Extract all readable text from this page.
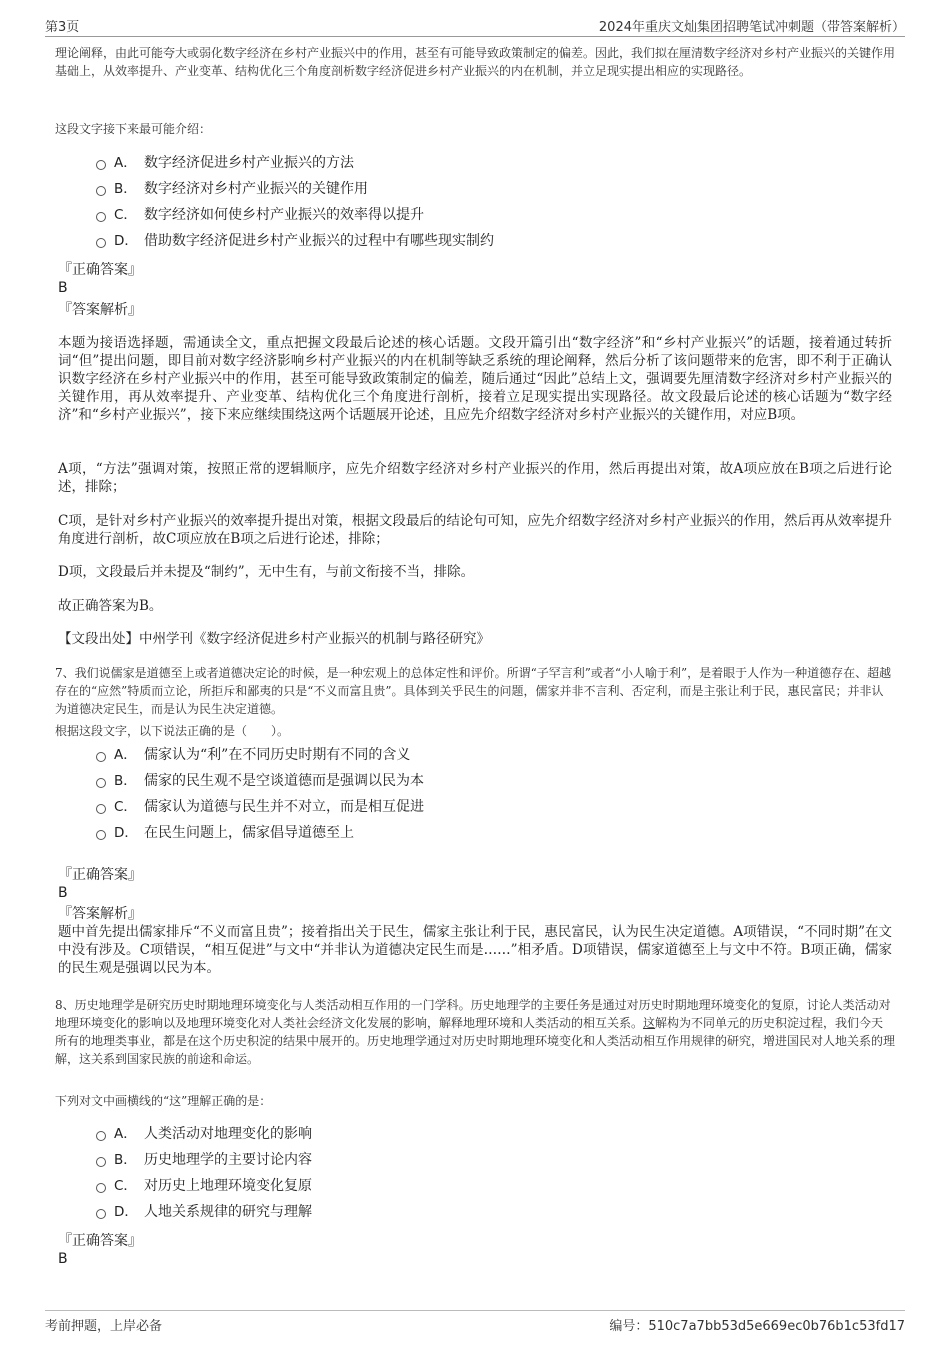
第3页	2024年重庆文灿集团招聘笔试冲刺题（带答案解析）
理论阐释，由此可能夸大或弱化数字经济在乡村产业振兴中的作用，甚至有可能导致政策制定的偏差。因此，我们拟在厘清数字经济对乡村产业振兴的关键作用基础上，从效率提升、产业变革、结构优化三个角度剖析数字经济促进乡村产业振兴的内在机制，并立足现实提出相应的实现路径。
这段文字接下来最可能介绍：
A． 数字经济促进乡村产业振兴的方法
B． 数字经济对乡村产业振兴的关键作用
C． 数字经济如何使乡村产业振兴的效率得以提升
D． 借助数字经济促进乡村产业振兴的过程中有哪些现实制约
『正确答案』
B
『答案解析』
本题为接语选择题，需通读全文，重点把握文段最后论述的核心话题。文段开篇引出“数字经济”和“乡村产业振兴”的话题，接着通过转折词“但”提出问题，即目前对数字经济影响乡村产业振兴的内在机制等缺乏系统的理论阐释，然后分析了该问题带来的危害，即不利于正确认识数字经济在乡村产业振兴中的作用，甚至可能导致政策制定的偏差，随后通过“因此”总结上文，强调要先厘清数字经济对乡村产业振兴的关键作用，再从效率提升、产业变革、结构优化三个角度进行剖析，接着立足现实提出实现路径。故文段最后论述的核心话题为“数字经济”和“乡村产业振兴”，接下来应继续围绕这两个话题展开论述，且应先介绍数字经济对乡村产业振兴的关键作用，对应B项。
A项，“方法”强调对策，按照正常的逻辑顺序，应先介绍数字经济对乡村产业振兴的作用，然后再提出对策，故A项应放在B项之后进行论述，排除；
C项，是针对乡村产业振兴的效率提升提出对策，根据文段最后的结论句可知，应先介绍数字经济对乡村产业振兴的作用，然后再从效率提升角度进行剖析，故C项应放在B项之后进行论述，排除；
D项，文段最后并未提及“制约”，无中生有，与前文衔接不当，排除。
故正确答案为B。
【文段出处】中州学刊《数字经济促进乡村产业振兴的机制与路径研究》
7、我们说儒家是道德至上或者道德决定论的时候，是一种宏观上的总体定性和评价。所谓“子罕言利”或者“小人喻于利”，是着眼于人作为一种道德存在、超越存在的“应然”特质而立论，所拒斥和鄙夷的只是“不义而富且贵”。具体到关乎民生的问题，儒家并非不言利、否定利，而是主张让利于民，惠民富民；并非认为道德决定民生，而是认为民生决定道德。
根据这段文字，以下说法正确的是（　　）。
A． 儒家认为“利”在不同历史时期有不同的含义
B． 儒家的民生观不是空谈道德而是强调以民为本
C． 儒家认为道德与民生并不对立，而是相互促进
D． 在民生问题上，儒家倡导道德至上
『正确答案』
B
『答案解析』
题中首先提出儒家排斥“不义而富且贵”；接着指出关于民生，儒家主张让利于民，惠民富民，认为民生决定道德。A项错误，“不同时期”在文中没有涉及。C项错误，“相互促进”与文中“并非认为道德决定民生而是……”相矛盾。D项错误，儒家道德至上与文中不符。B项正确，儒家的民生观是强调以民为本。
8、历史地理学是研究历史时期地理环境变化与人类活动相互作用的一门学科。历史地理学的主要任务是通过对历史时期地理环境变化的复原，讨论人类活动对地理环境变化的影响以及地理环境变化对人类社会经济文化发展的影响，解释地理环境和人类活动的相互关系。这解构为不同单元的历史积淀过程，我们今天所有的地理类事业，都是在这个历史积淀的结果中展开的。历史地理学通过对历史时期地理环境变化和人类活动相互作用规律的研究，增进国民对人地关系的理解，这关系到国家民族的前途和命运。
下列对文中画横线的“这”理解正确的是：
A． 人类活动对地理变化的影响
B． 历史地理学的主要讨论内容
C． 对历史上地理环境变化复原
D． 人地关系规律的研究与理解
『正确答案』
B
考前押题，上岸必备	编号：510c7a7bb53d5e669ec0b76b1c53fd17
